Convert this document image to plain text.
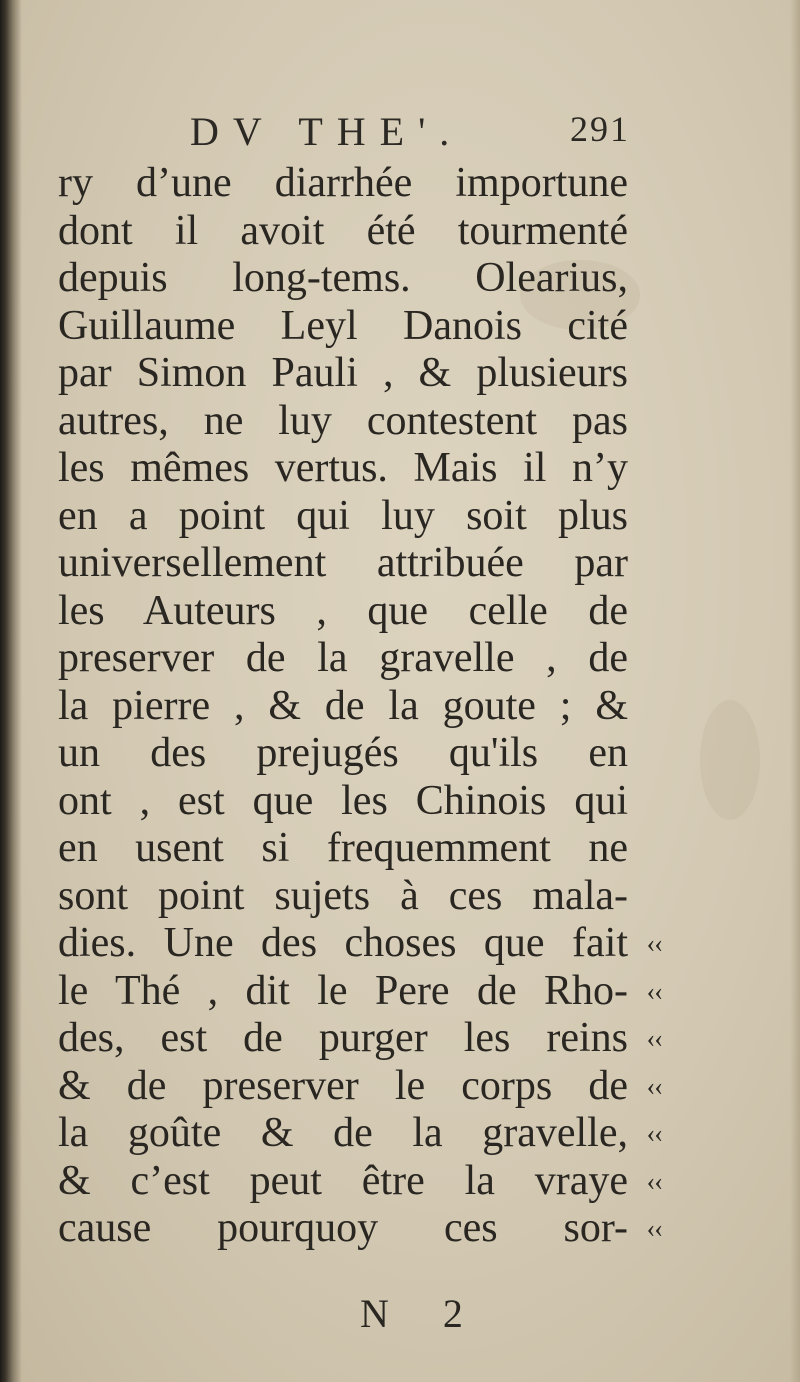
DV THE'.	291
ry d’une diarrhée importune
dont il avoit été tourmenté
depuis long-tems. Olearius,
Guillaume Leyl Danois cité
par Simon Pauli , & plusieurs
autres, ne luy contestent pas
les mêmes vertus. Mais il n’y
en a point qui luy soit plus
universellement attribuée par
les Auteurs , que celle de
preserver de la gravelle , de
la pierre , & de la goute ; &
un des prejugés qu'ils en
ont , est que les Chinois qui
en usent si frequemment ne
sont point sujets à ces mala-
dies. Une des choses que fait ‹‹
le Thé , dit le Pere de Rho- ‹‹
des, est de purger les reins ‹‹
& de preserver le corps de ‹‹
la goûte & de la gravelle, ‹‹
& c’est peut être la vraye ‹‹
cause pourquoy ces sor- ‹‹
N 2
